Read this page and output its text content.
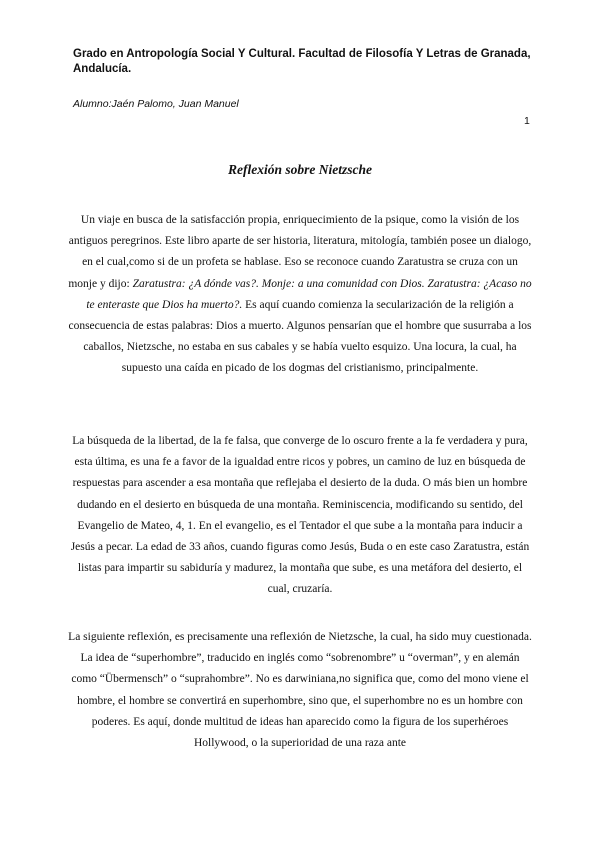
Grado en Antropología Social Y Cultural. Facultad de Filosofía Y Letras de Granada, Andalucía.
Alumno:Jaén Palomo, Juan Manuel
1
Reflexión sobre Nietzsche
Un viaje en busca de la satisfacción propia, enriquecimiento de la psique, como la visión de los antiguos peregrinos. Este libro aparte de ser historia, literatura, mitología, también posee un dialogo, en el cual,como si de un profeta se hablase. Eso se reconoce cuando Zaratustra se cruza con un monje y dijo: Zaratustra: ¿A dónde vas?. Monje: a una comunidad con Dios. Zaratustra: ¿Acaso no te enteraste que Dios ha muerto?. Es aquí cuando comienza la secularización de la religión a consecuencia de estas palabras: Dios a muerto. Algunos pensarían que el hombre que susurraba a los caballos, Nietzsche, no estaba en sus cabales y se había vuelto esquizo. Una locura, la cual, ha supuesto una caída en picado de los dogmas del cristianismo, principalmente.
La búsqueda de la libertad, de la fe falsa, que converge de lo oscuro frente a la fe verdadera y pura, esta última, es una fe a favor de la igualdad entre ricos y pobres, un camino de luz en búsqueda de respuestas para ascender a esa montaña que reflejaba el desierto de la duda. O más bien un hombre dudando en el desierto en búsqueda de una montaña. Reminiscencia, modificando su sentido, del Evangelio de Mateo, 4, 1. En el evangelio, es el Tentador el que sube a la montaña para inducir a Jesús a pecar. La edad de 33 años, cuando figuras como Jesús, Buda o en este caso Zaratustra, están listas para impartir su sabiduría y madurez, la montaña que sube, es una metáfora del desierto, el cual, cruzaría.
La siguiente reflexión, es precisamente una reflexión de Nietzsche, la cual, ha sido muy cuestionada. La idea de “superhombre”, traducido en inglés como “sobrenombre” u “overman”, y en alemán como “Übermensch” o “suprahombre”. No es darwiniana,no significa que, como del mono viene el hombre, el hombre se convertirá en superhombre, sino que, el superhombre no es un hombre con poderes. Es aquí, donde multitud de ideas han aparecido como la figura de los superhéroes Hollywood, o la superioridad de una raza ante
